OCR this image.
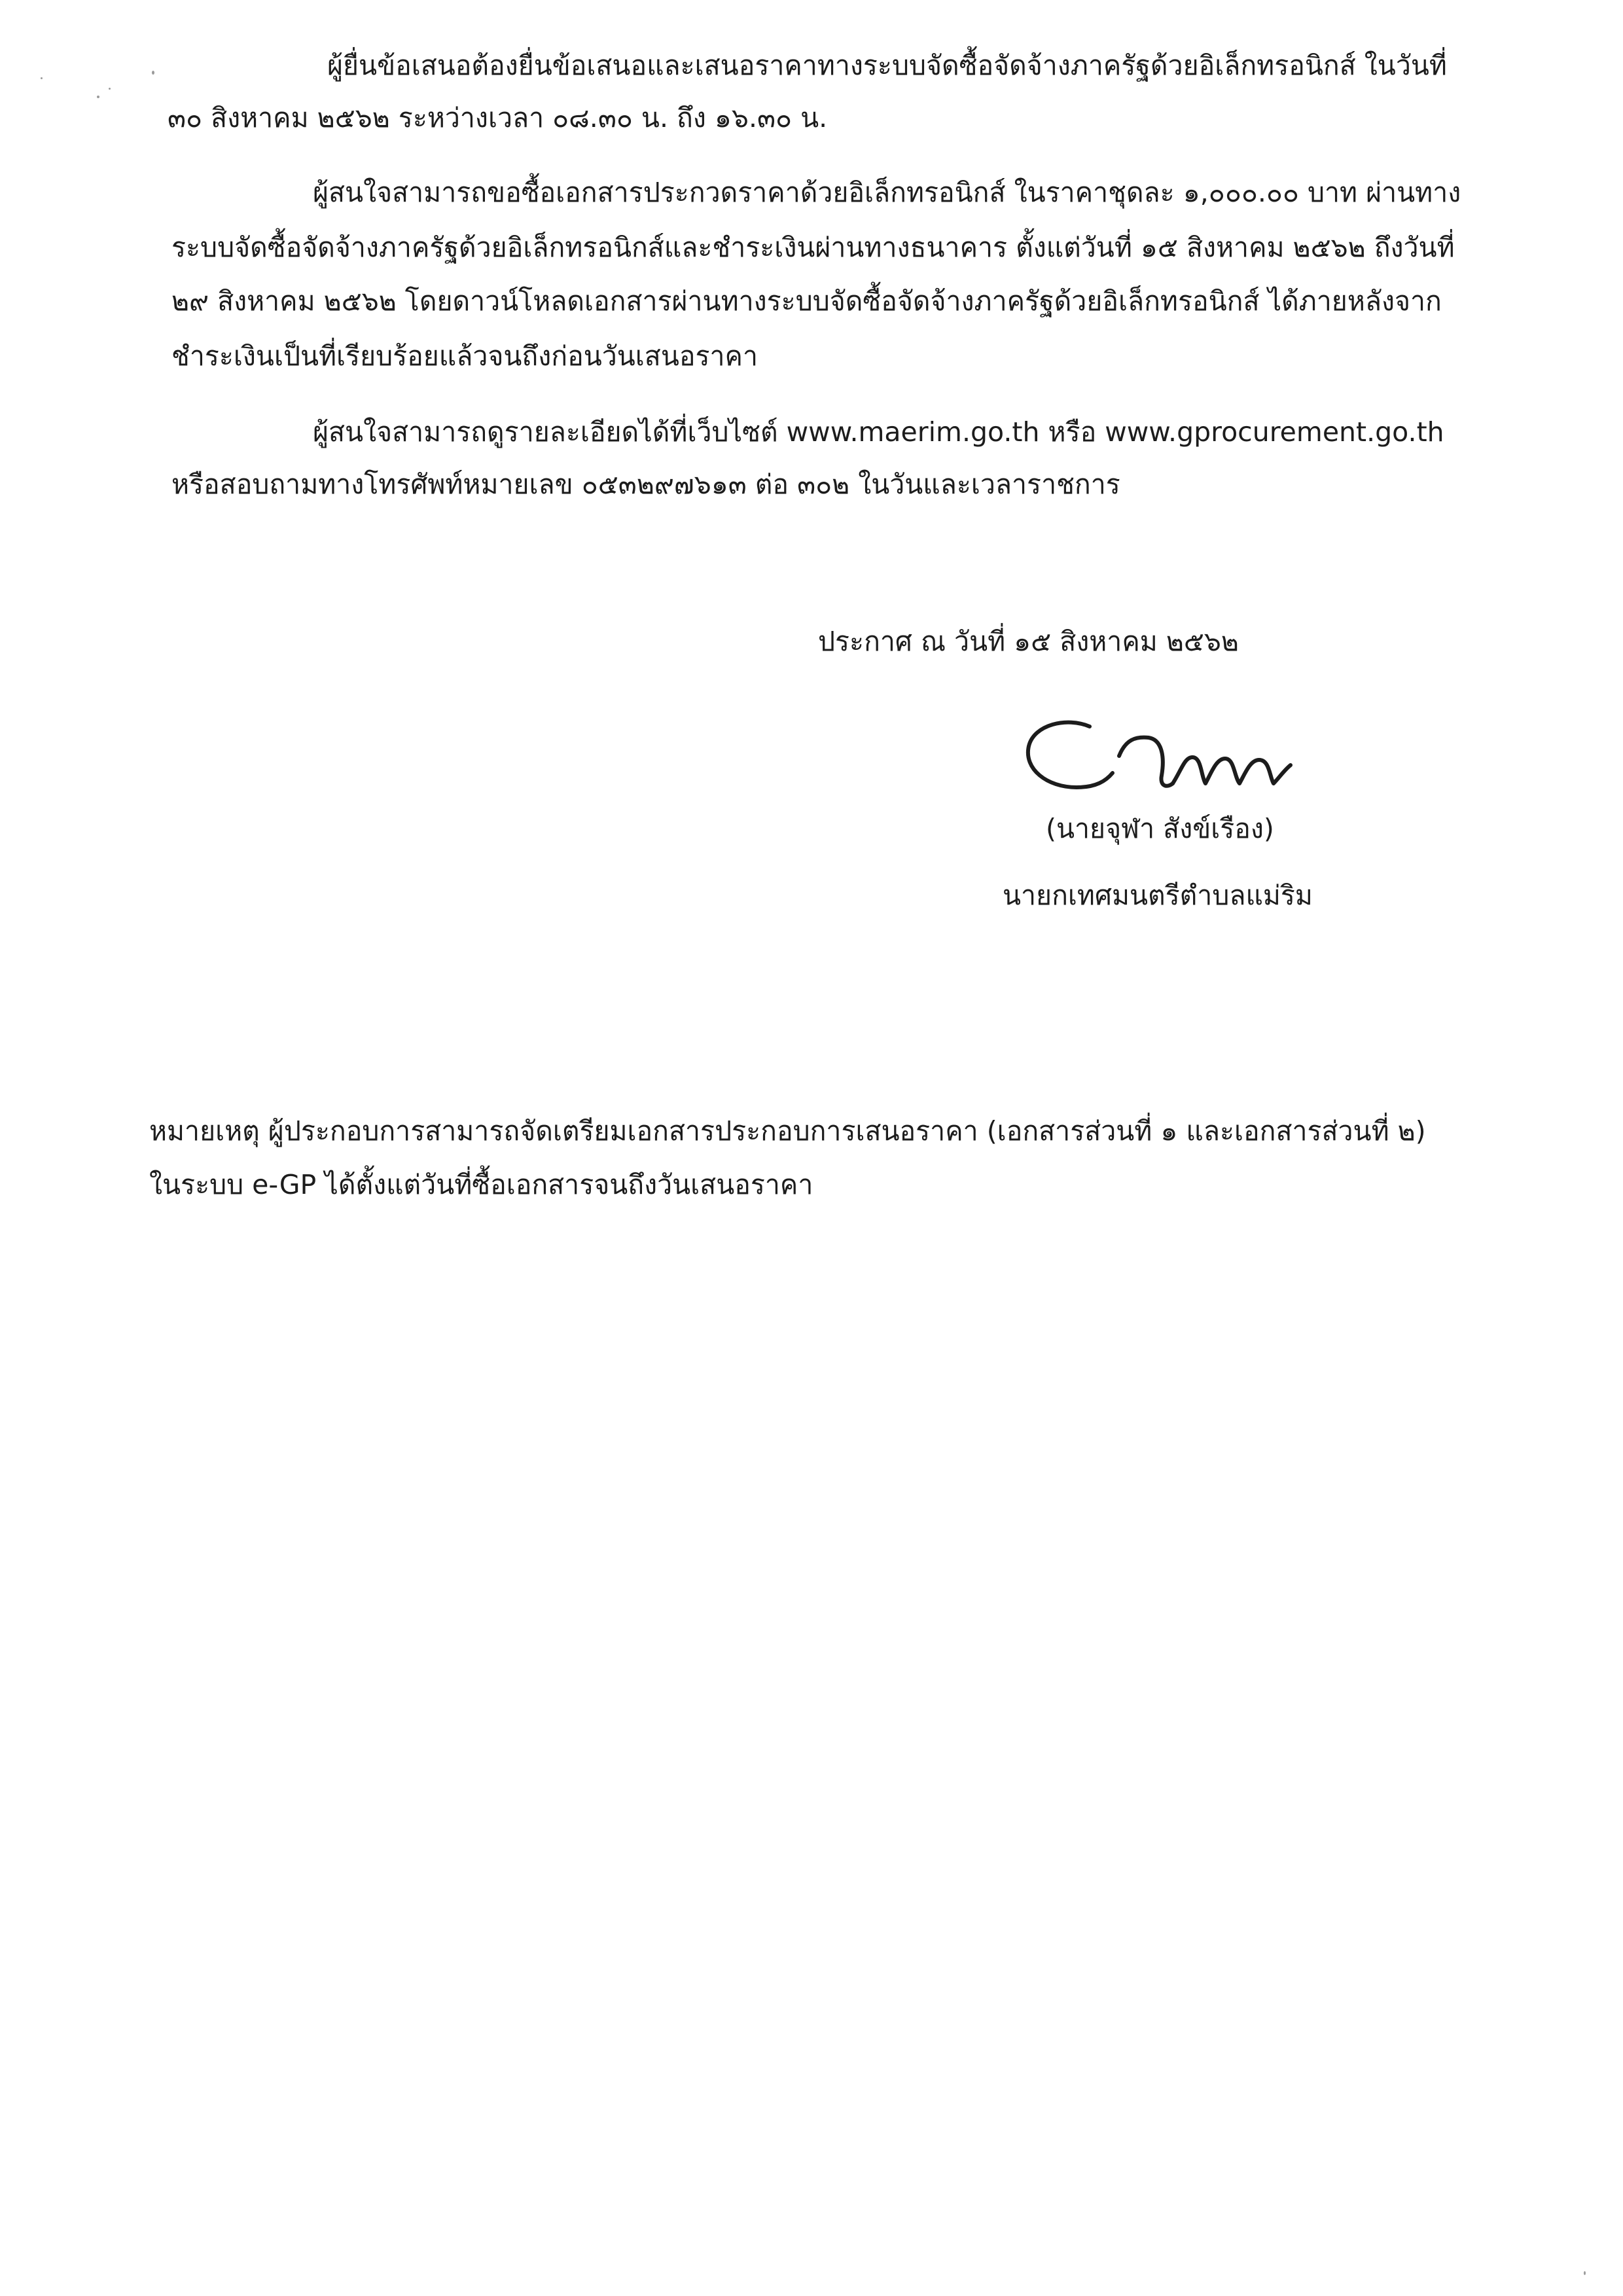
ผู้ยื่นข้อเสนอต้องยื่นข้อเสนอและเสนอราคาทางระบบจัดซื้อจัดจ้างภาครัฐด้วยอิเล็กทรอนิกส์ ในวันที่
๓๐ สิงหาคม ๒๕๖๒ ระหว่างเวลา ๐๘.๓๐ น. ถึง ๑๖.๓๐ น.
ผู้สนใจสามารถขอซื้อเอกสารประกวดราคาด้วยอิเล็กทรอนิกส์ ในราคาชุดละ ๑,๐๐๐.๐๐ บาท ผ่านทาง
ระบบจัดซื้อจัดจ้างภาครัฐด้วยอิเล็กทรอนิกส์และชำระเงินผ่านทางธนาคาร ตั้งแต่วันที่ ๑๕ สิงหาคม ๒๕๖๒ ถึงวันที่
๒๙ สิงหาคม ๒๕๖๒ โดยดาวน์โหลดเอกสารผ่านทางระบบจัดซื้อจัดจ้างภาครัฐด้วยอิเล็กทรอนิกส์ ได้ภายหลังจาก
ชำระเงินเป็นที่เรียบร้อยแล้วจนถึงก่อนวันเสนอราคา
ผู้สนใจสามารถดูรายละเอียดได้ที่เว็บไซต์ www.maerim.go.th หรือ www.gprocurement.go.th
หรือสอบถามทางโทรศัพท์หมายเลข ๐๕๓๒๙๗๖๑๓ ต่อ ๓๐๒ ในวันและเวลาราชการ
ประกาศ ณ วันที่ ๑๕ สิงหาคม ๒๕๖๒
(นายจุฬา สังข์เรือง)
นายกเทศมนตรีตำบลแม่ริม
หมายเหตุ ผู้ประกอบการสามารถจัดเตรียมเอกสารประกอบการเสนอราคา (เอกสารส่วนที่ ๑ และเอกสารส่วนที่ ๒)
ในระบบ e-GP ได้ตั้งแต่วันที่ซื้อเอกสารจนถึงวันเสนอราคา
